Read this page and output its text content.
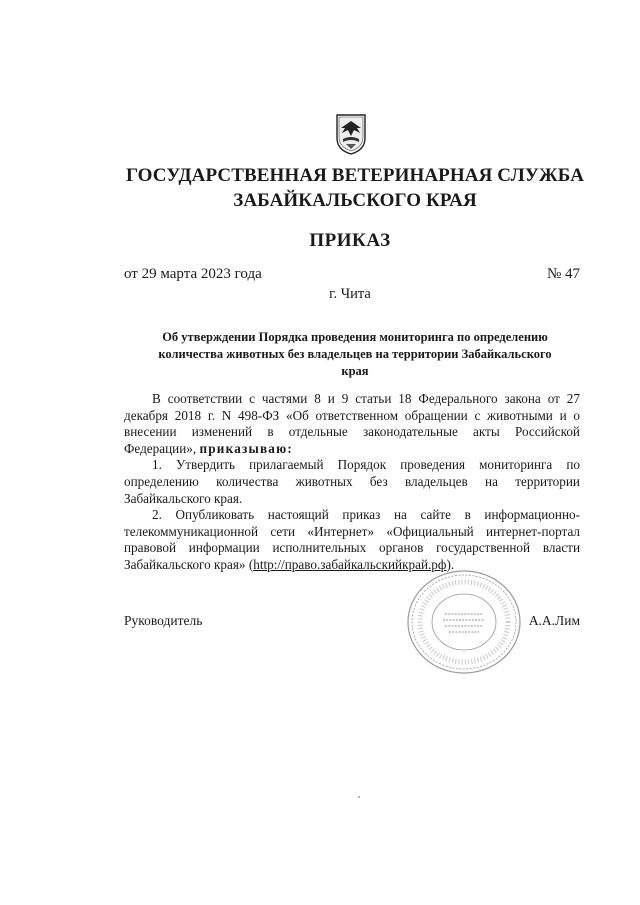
ГОСУДАРСТВЕННАЯ ВЕТЕРИНАРНАЯ СЛУЖБА
ЗАБАЙКАЛЬСКОГО КРАЯ
ПРИКАЗ
от 29 марта 2023 года	№ 47
г. Чита
Об утверждении Порядка проведения мониторинга по определению
количества животных без владельцев на территории Забайкальского
края

В соответствии с частями 8 и 9 статьи 18 Федерального закона от 27 декабря 2018 г. N 498-ФЗ «Об ответственном обращении с животными и о внесении изменений в отдельные законодательные акты Российской Федерации», приказываю:

1. Утвердить прилагаемый Порядок проведения мониторинга по определению количества животных без владельцев на территории Забайкальского края.

2. Опубликовать настоящий приказ на сайте в информационно-телекоммуникационной сети «Интернет» «Официальный интернет-портал правовой информации исполнительных органов государственной власти Забайкальского края» (http://право.забайкальскийкрай.рф).

Руководитель	А.А.Лим
